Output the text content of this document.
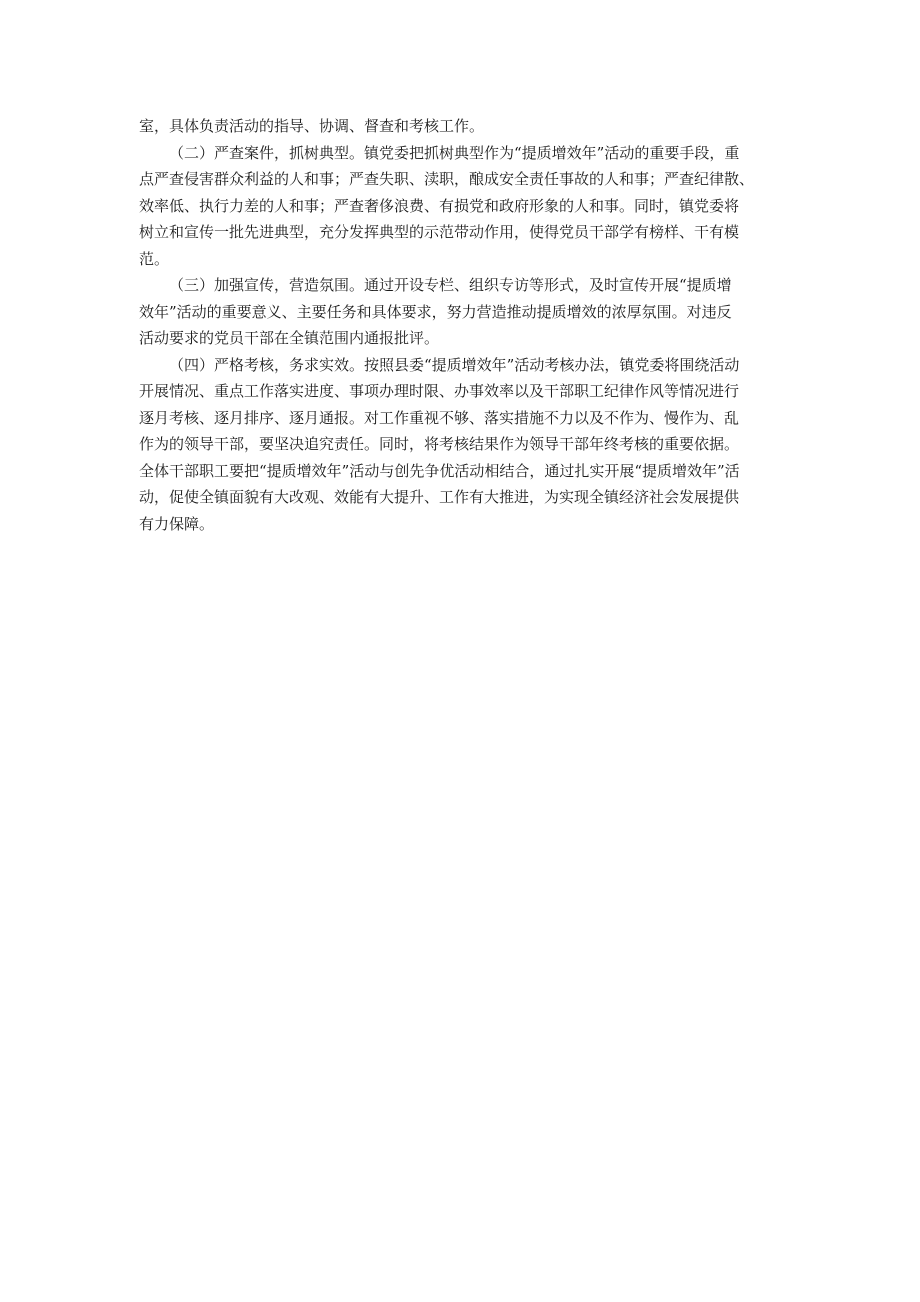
室，具体负责活动的指导、协调、督查和考核工作。
（二）严查案件，抓树典型。镇党委把抓树典型作为“提质增效年”活动的重要手段，重
点严查侵害群众利益的人和事；严查失职、渎职，酿成安全责任事故的人和事；严查纪律散、
效率低、执行力差的人和事；严查奢侈浪费、有损党和政府形象的人和事。同时，镇党委将
树立和宣传一批先进典型，充分发挥典型的示范带动作用，使得党员干部学有榜样、干有模
范。
（三）加强宣传，营造氛围。通过开设专栏、组织专访等形式，及时宣传开展“提质增
效年”活动的重要意义、主要任务和具体要求，努力营造推动提质增效的浓厚氛围。对违反
活动要求的党员干部在全镇范围内通报批评。
（四）严格考核，务求实效。按照县委“提质增效年”活动考核办法，镇党委将围绕活动
开展情况、重点工作落实进度、事项办理时限、办事效率以及干部职工纪律作风等情况进行
逐月考核、逐月排序、逐月通报。对工作重视不够、落实措施不力以及不作为、慢作为、乱
作为的领导干部，要坚决追究责任。同时，将考核结果作为领导干部年终考核的重要依据。
全体干部职工要把“提质增效年”活动与创先争优活动相结合，通过扎实开展“提质增效年”活
动，促使全镇面貌有大改观、效能有大提升、工作有大推进，为实现全镇经济社会发展提供
有力保障。
